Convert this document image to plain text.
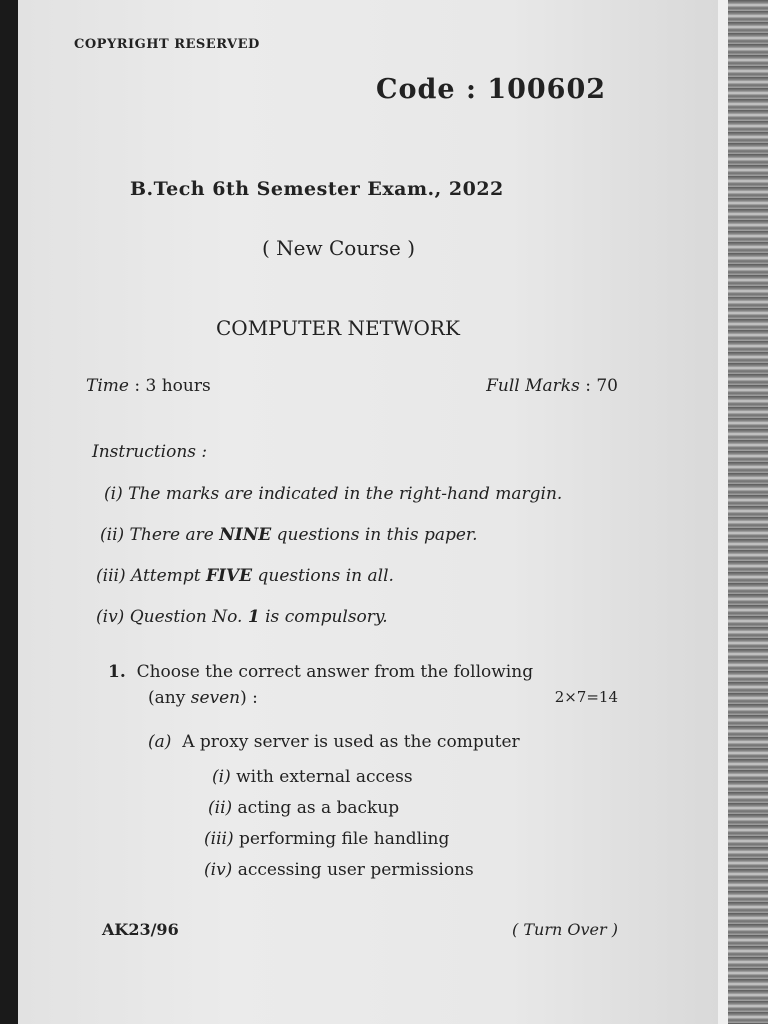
COPYRIGHT RESERVED
Code : 100602
B.Tech 6th Semester Exam., 2022
( New Course )
COMPUTER NETWORK
Time : 3 hours	Full Marks : 70
Instructions :
(i) The marks are indicated in the right-hand margin.
(ii) There are NINE questions in this paper.
(iii) Attempt FIVE questions in all.
(iv) Question No. 1 is compulsory.
1. Choose the correct answer from the following
(any seven) :	2×7=14
(a) A proxy server is used as the computer
(i) with external access
(ii) acting as a backup
(iii) performing file handling
(iv) accessing user permissions
AK23/96	( Turn Over )
